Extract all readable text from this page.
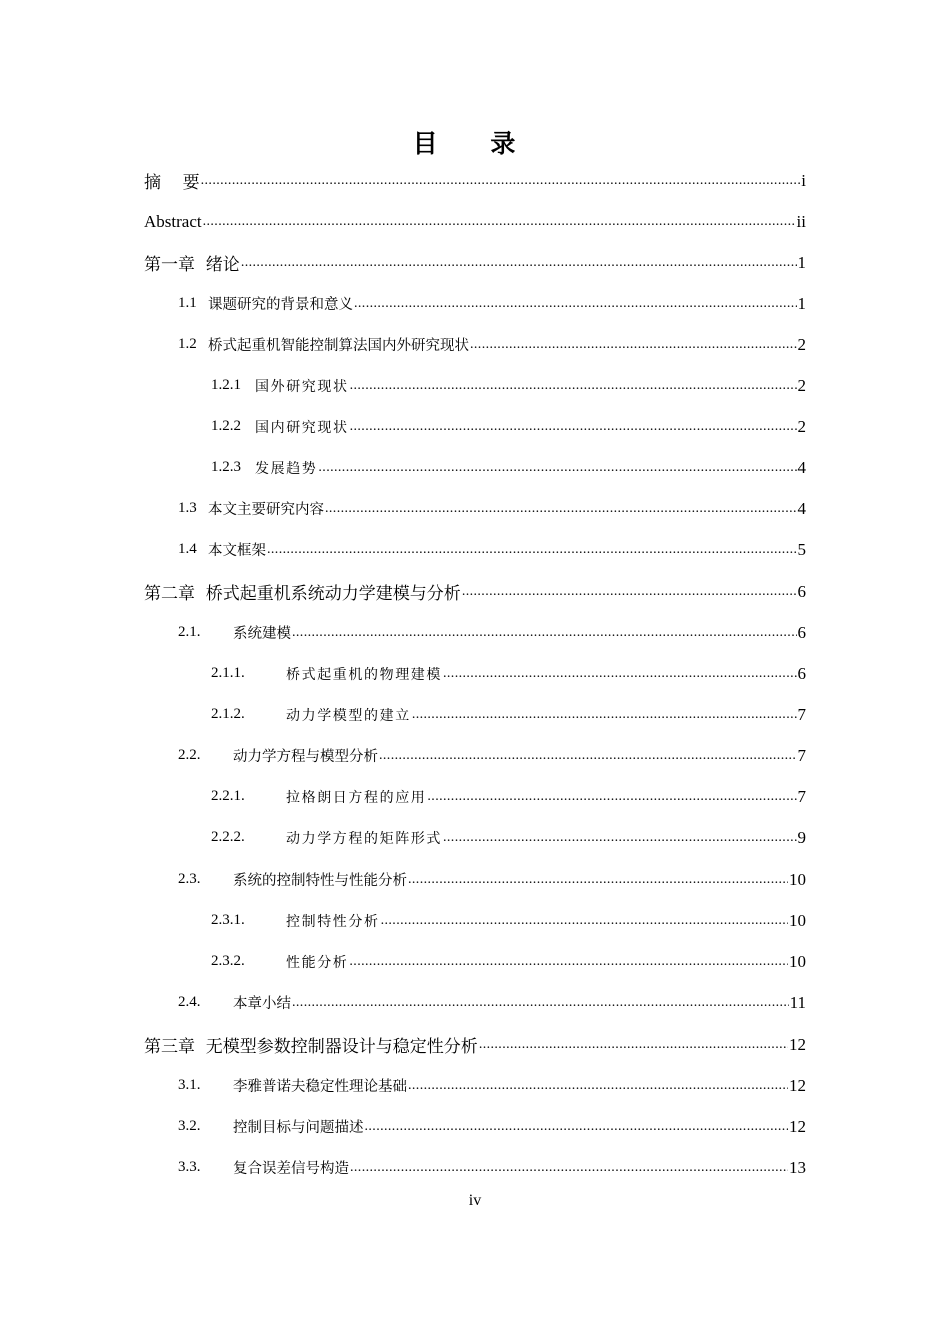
目 录
摘    要 .....	i
Abstract .....	ii
第一章  绪论 .....	1
1.1 课题研究的背景和意义 .....	1
1.2 桥式起重机智能控制算法国内外研究现状 .....	2
1.2.1	国外研究现状 .....	2
1.2.2	国内研究现状 .....	2
1.2.3	发展趋势 .....	4
1.3 本文主要研究内容 .....	4
1.4 本文框架 .....	5
第二章  桥式起重机系统动力学建模与分析 .....	6
2.1.	系统建模 .....	6
2.1.1.	桥式起重机的物理建模 .....	6
2.1.2.	动力学模型的建立 .....	7
2.2.	动力学方程与模型分析 .....	7
2.2.1.	拉格朗日方程的应用 .....	7
2.2.2.	动力学方程的矩阵形式 .....	9
2.3.	系统的控制特性与性能分析 .....	10
2.3.1.	控制特性分析 .....	10
2.3.2.	性能分析 .....	10
2.4.	本章小结 .....	11
第三章  无模型参数控制器设计与稳定性分析 .....	12
3.1.	李雅普诺夫稳定性理论基础 .....	12
3.2.	控制目标与问题描述 .....	12
3.3.	复合误差信号构造 .....	13
iv
